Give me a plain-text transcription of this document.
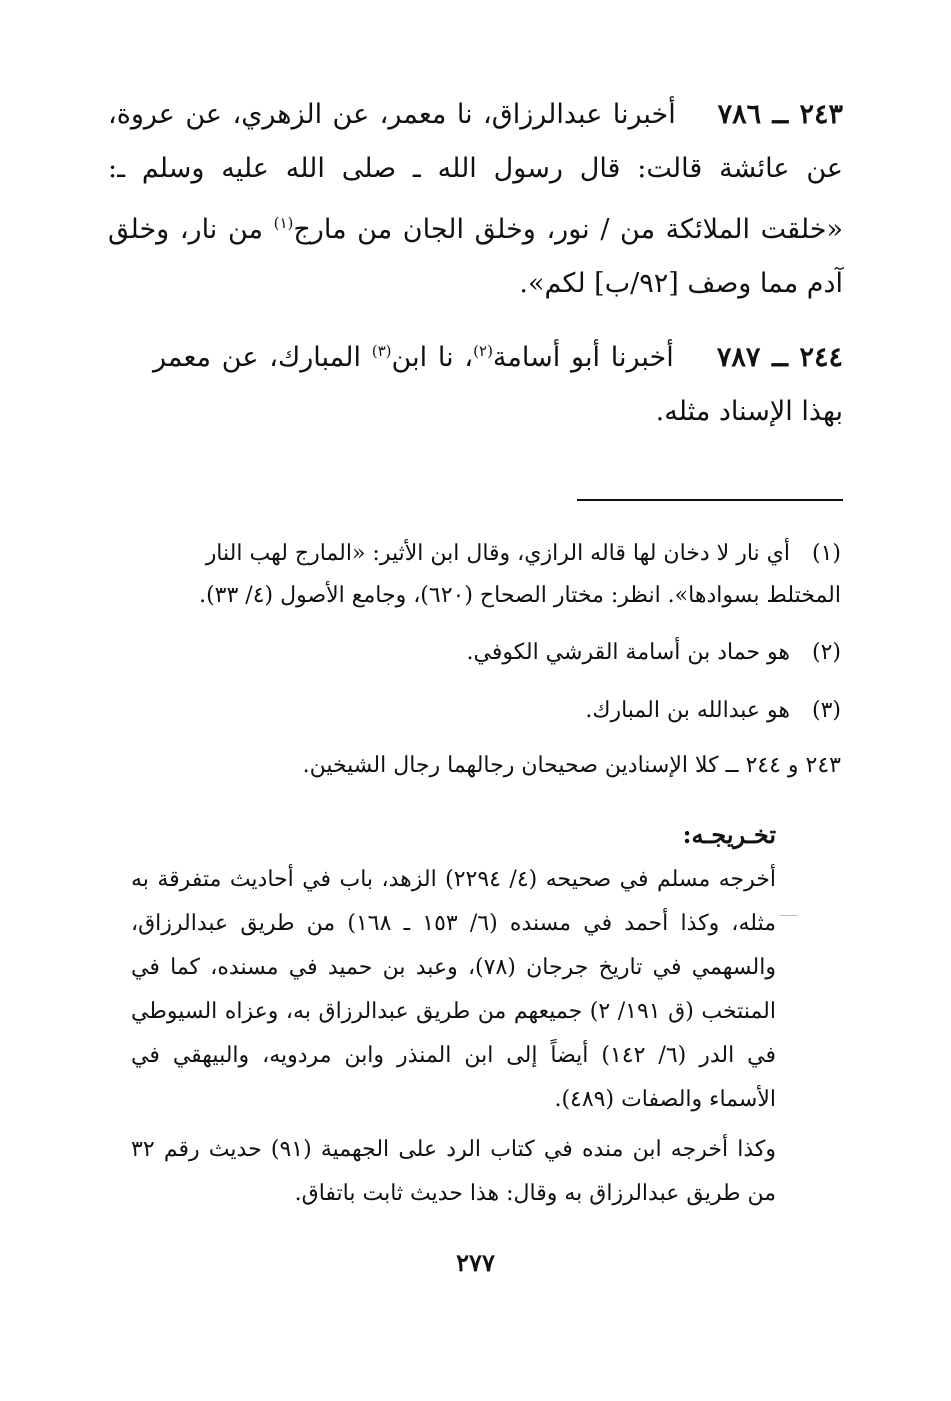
٢٤٣ ــ ٧٨٦    أخبرنا عبدالرزاق، نا معمر، عن الزهري، عن عروة، عن عائشة قالت: قال رسول الله ـ صلى الله عليه وسلم ـ: «خلقت الملائكة من / نور، وخلق الجان من مارج$^{(١)}$ من نار، وخلق آدم مما وصف [٩٢/ب] لكم».
٢٤٤ ــ ٧٨٧    أخبرنا أبو أسامة$^{(٢)}$، نا ابن$^{(٣)}$ المبارك، عن معمر بهذا الإسناد مثله.
(١) أي نار لا دخان لها قاله الرازي، وقال ابن الأثير: «المارج لهب النار المختلط بسوادها». انظر: مختار الصحاح (٦٢٠)، وجامع الأصول (٤/ ٣٣).
(٢) هو حماد بن أسامة القرشي الكوفي.
(٣) هو عبدالله بن المبارك.
٢٤٣ و ٢٤٤ ــ كلا الإسنادين صحيحان رجالهما رجال الشيخين.
تخـريجـه:
أخرجه مسلم في صحيحه (٤/ ٢٢٩٤) الزهد، باب في أحاديث متفرقة به مثله، وكذا أحمد في مسنده (٦/ ١٥٣ ـ ١٦٨) من طريق عبدالرزاق، والسهمي في تاريخ جرجان (٧٨)، وعبد بن حميد في مسنده، كما في المنتخب (ق ١٩١/ ٢) جميعهم من طريق عبدالرزاق به، وعزاه السيوطي في الدر (٦/ ١٤٢) أيضاً إلى ابن المنذر وابن مردويه، والبيهقي في الأسماء والصفات (٤٨٩).
وكذا أخرجه ابن منده في كتاب الرد على الجهمية (٩١) حديث رقم ٣٢ من طريق عبدالرزاق به وقال: هذا حديث ثابت باتفاق.
٢٧٧
